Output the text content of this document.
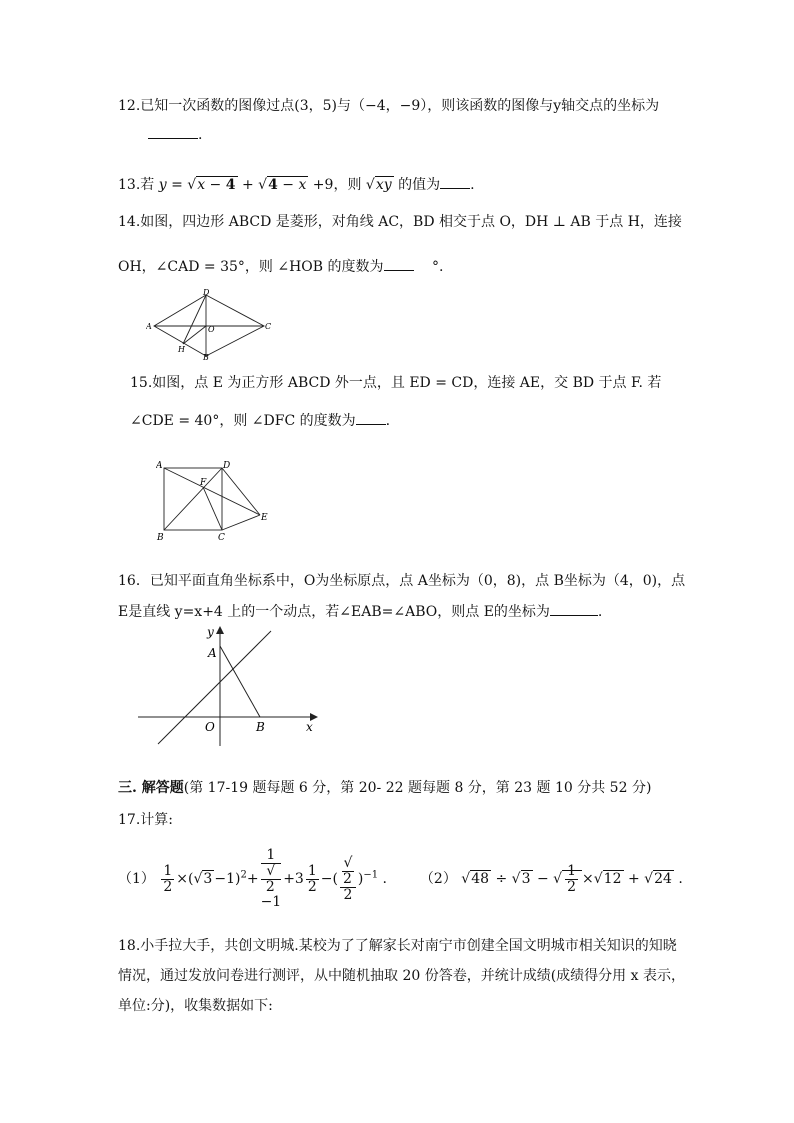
12.已知一次函数的图像过点(3，5)与（−4，−9），则该函数的图像与y轴交点的坐标为
.
13.若 y = √x − 4 + √4 − x +9，则 √xy 的值为 .
14.如图，四边形 ABCD 是菱形，对角线 AC，BD 相交于点 O，DH ⊥ AB 于点 H，连接
OH，∠CAD = 35°，则 ∠HOB 的度数为	°.
D
A	O	C
H
B
15.如图，点 E 为正方形 ABCD 外一点，且 ED = CD，连接 AE，交 BD 于点 F. 若
∠CDE = 40°，则 ∠DFC 的度数为 .
A	D
F
E
B	C
16．已知平面直角坐标系中，O为坐标原点，点 A坐标为（0，8)，点 B坐标为（4，0)，点
E是直线 y=x+4 上的一个动点，若∠EAB=∠ABO，则点 E的坐标为	.
y
A
O	B	x
三. 解答题(第 17-19 题每题 6 分，第 20- 22 题每题 8 分，第 23 题 10 分共 52 分)
17.计算:
$(1) \frac{1}{2} \times(√3 -1)^2+ 1$
√
2
$-1 +3 \frac{1}{2}$ −( √
2
2 )$^{-1}$ .  （2） √48 ÷ √3 − √ $\frac{1}{2} \times√12 + √24$ .
18.小手拉大手，共创文明城.某校为了了解家长对南宁市创建全国文明城市相关知识的知晓
情况，通过发放问卷进行测评，从中随机抽取 20 份答卷，并统计成绩(成绩得分用 x 表示，
单位:分)，收集数据如下:
